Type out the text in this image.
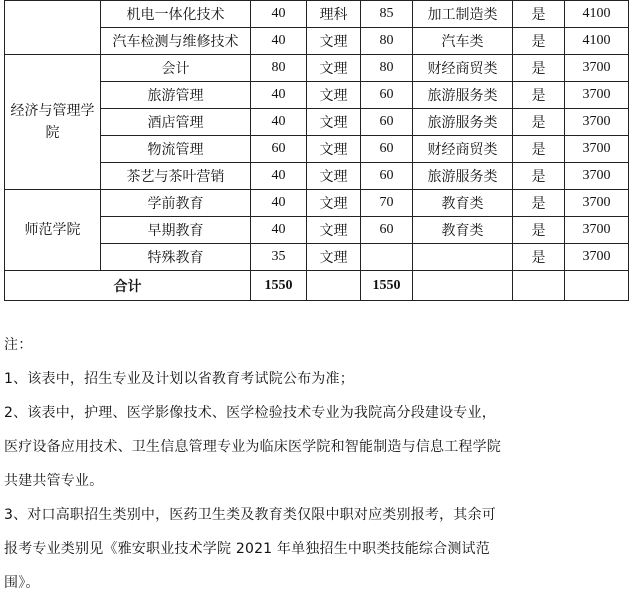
	机电一体化技术	40	理科	85	加工制造类	是	4100
	汽车检测与维修技术	40	文理	80	汽车类	是	4100
经济与管理学院	会计	80	文理	80	财经商贸类	是	3700
	旅游管理	40	文理	60	旅游服务类	是	3700
	酒店管理	40	文理	60	旅游服务类	是	3700
	物流管理	60	文理	60	财经商贸类	是	3700
	茶艺与茶叶营销	40	文理	60	旅游服务类	是	3700
师范学院	学前教育	40	文理	70	教育类	是	3700
	早期教育	40	文理	60	教育类	是	3700
	特殊教育	35	文理			是	3700
合计		1550		1550			
注：
1、该表中，招生专业及计划以省教育考试院公布为准；
2、该表中，护理、医学影像技术、医学检验技术专业为我院高分段建设专业，
医疗设备应用技术、卫生信息管理专业为临床医学院和智能制造与信息工程学院
共建共管专业。
3、对口高职招生类别中，医药卫生类及教育类仅限中职对应类别报考，其余可
报考专业类别见《雅安职业技术学院 2021 年单独招生中职类技能综合测试范
围》。
